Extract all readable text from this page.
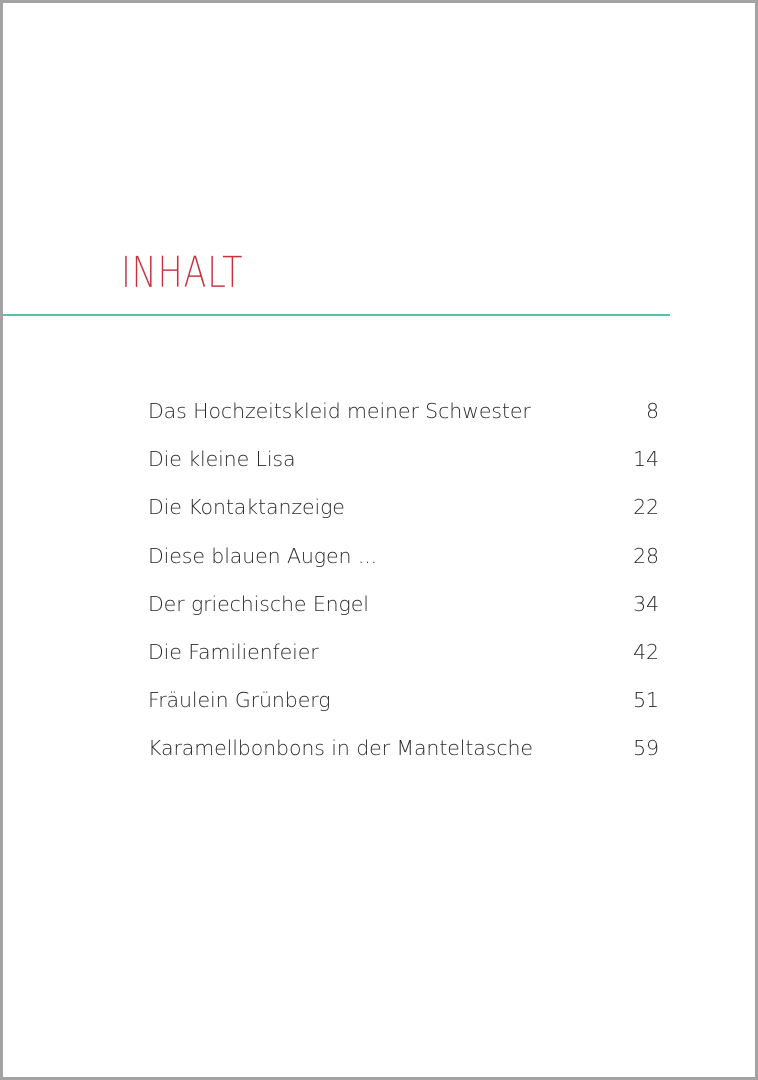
INHALT
Das Hochzeitskleid meiner Schwester	8
Die kleine Lisa	14
Die Kontaktanzeige	22
Diese blauen Augen ...	28
Der griechische Engel	34
Die Familienfeier	42
Fräulein Grünberg	51
Karamellbonbons in der Manteltasche	59
